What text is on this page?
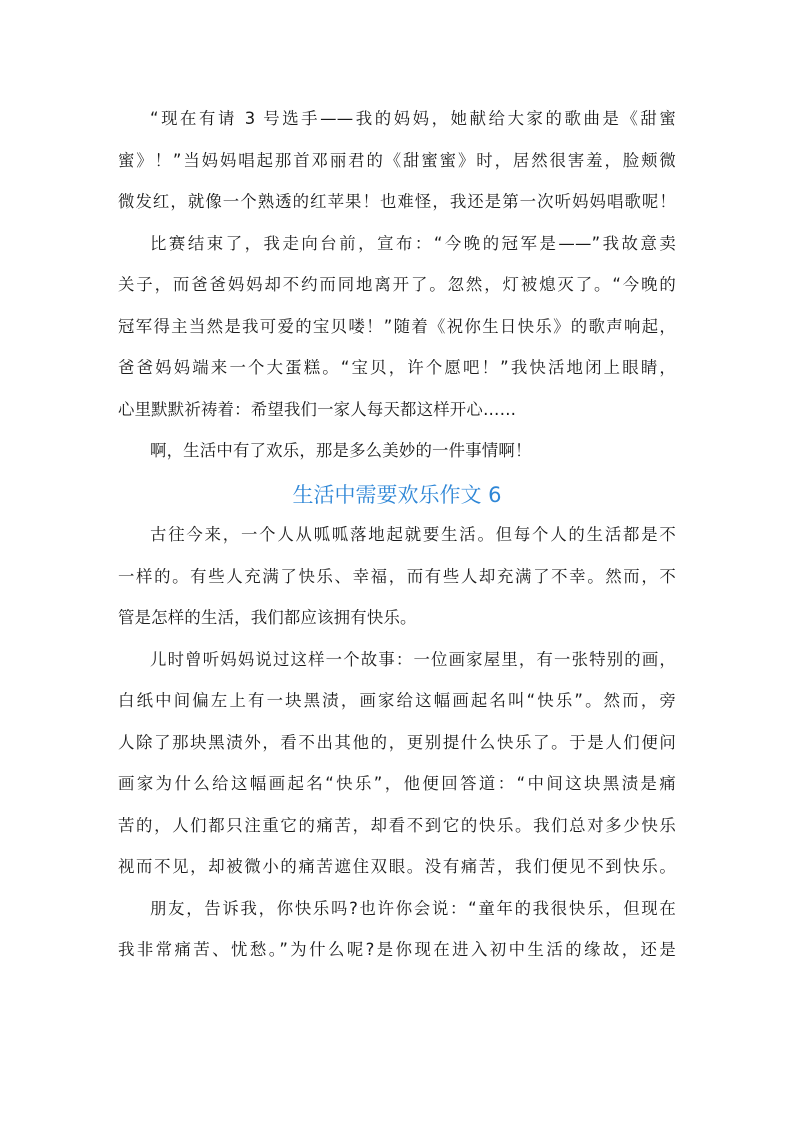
“现在有请 3 号选手——我的妈妈，她献给大家的歌曲是《甜蜜
蜜》！”当妈妈唱起那首邓丽君的《甜蜜蜜》时，居然很害羞，脸颊微
微发红，就像一个熟透的红苹果！也难怪，我还是第一次听妈妈唱歌呢！
比赛结束了，我走向台前，宣布：“今晚的冠军是——”我故意卖
关子，而爸爸妈妈却不约而同地离开了。忽然，灯被熄灭了。“今晚的
冠军得主当然是我可爱的宝贝喽！”随着《祝你生日快乐》的歌声响起，
爸爸妈妈端来一个大蛋糕。“宝贝，许个愿吧！”我快活地闭上眼睛，
心里默默祈祷着：希望我们一家人每天都这样开心……
啊，生活中有了欢乐，那是多么美妙的一件事情啊！
生活中需要欢乐作文 6
古往今来，一个人从呱呱落地起就要生活。但每个人的生活都是不
一样的。有些人充满了快乐、幸福，而有些人却充满了不幸。然而，不
管是怎样的生活，我们都应该拥有快乐。
儿时曾听妈妈说过这样一个故事：一位画家屋里，有一张特别的画，
白纸中间偏左上有一块黑渍，画家给这幅画起名叫“快乐”。然而，旁
人除了那块黑渍外，看不出其他的，更别提什么快乐了。于是人们便问
画家为什么给这幅画起名“快乐”，他便回答道：“中间这块黑渍是痛
苦的，人们都只注重它的痛苦，却看不到它的快乐。我们总对多少快乐
视而不见，却被微小的痛苦遮住双眼。没有痛苦，我们便见不到快乐。
朋友，告诉我，你快乐吗?也许你会说：“童年的我很快乐，但现在
我非常痛苦、忧愁。”为什么呢?是你现在进入初中生活的缘故，还是
